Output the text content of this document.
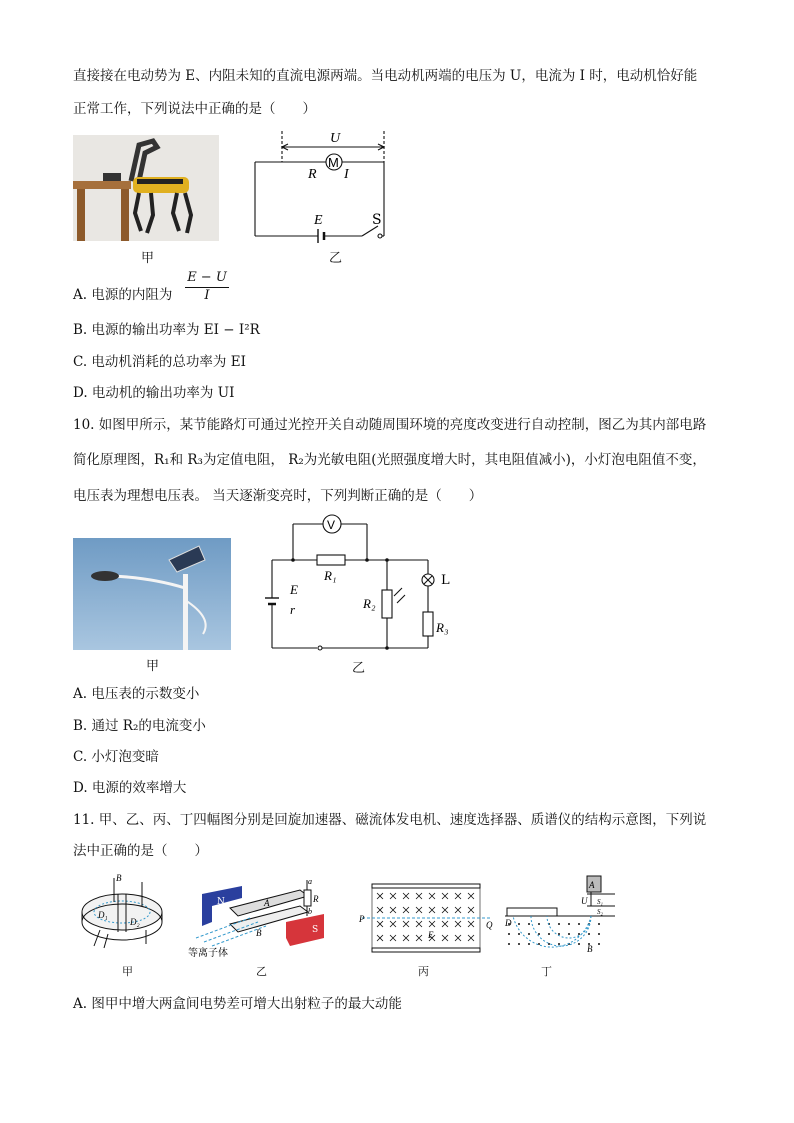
直接接在电动势为 E、内阻未知的直流电源两端。当电动机两端的电压为 U，电流为 I 时，电动机恰好能
正常工作，下列说法中正确的是（　　）
甲
U
M
R I
E	S
乙
A. 电源的内阻为 $\frac{E - U}{I}$
B. 电源的输出功率为 EI − I²R
C. 电动机消耗的总功率为 EI
D. 电动机的输出功率为 UI
10. 如图甲所示，某节能路灯可通过光控开关自动随周围环境的亮度改变进行自动控制，图乙为其内部电路
简化原理图，R₁和 R₃为定值电阻， R₂为光敏电阻(光照强度增大时，其电阻值减小)，小灯泡电阻值不变，
电压表为理想电压表。 当天逐渐变亮时，下列判断正确的是（　　）
甲
V
R₁
E
r	R₂
L
R₃
乙
A. 电压表的示数变小
B. 通过 R₂的电流变小
C. 小灯泡变暗
D. 电源的效率增大
11. 甲、乙、丙、丁四幅图分别是回旋加速器、磁流体发电机、速度选择器、质谱仪的结构示意图，下列说
法中正确的是（　　）
B
D₁
D₂
甲
N
S
A
B
R
a
b
等离子体
乙
P
Q
E
丙
A
U S₁
S₂
D
B
丁
A. 图甲中增大两盒间电势差可增大出射粒子的最大动能
